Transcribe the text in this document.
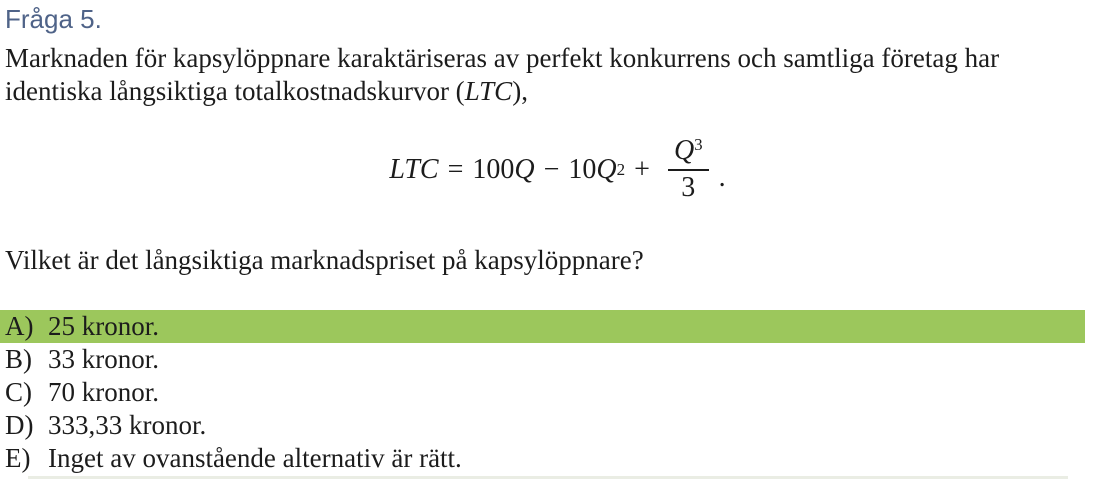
Fråga 5.
Marknaden för kapsylöppnare karaktäriseras av perfekt konkurrens och samtliga företag har
identiska långsiktiga totalkostnadskurvor (LTC),
LTC = 100 Q − 10 Q $2 + \frac{Q^3}{3}$ .
Vilket är det långsiktiga marknadspriset på kapsylöppnare?
A) 25 kronor.
B) 33 kronor.
C) 70 kronor.
D) 333,33 kronor.
E) Inget av ovanstående alternativ är rätt.
